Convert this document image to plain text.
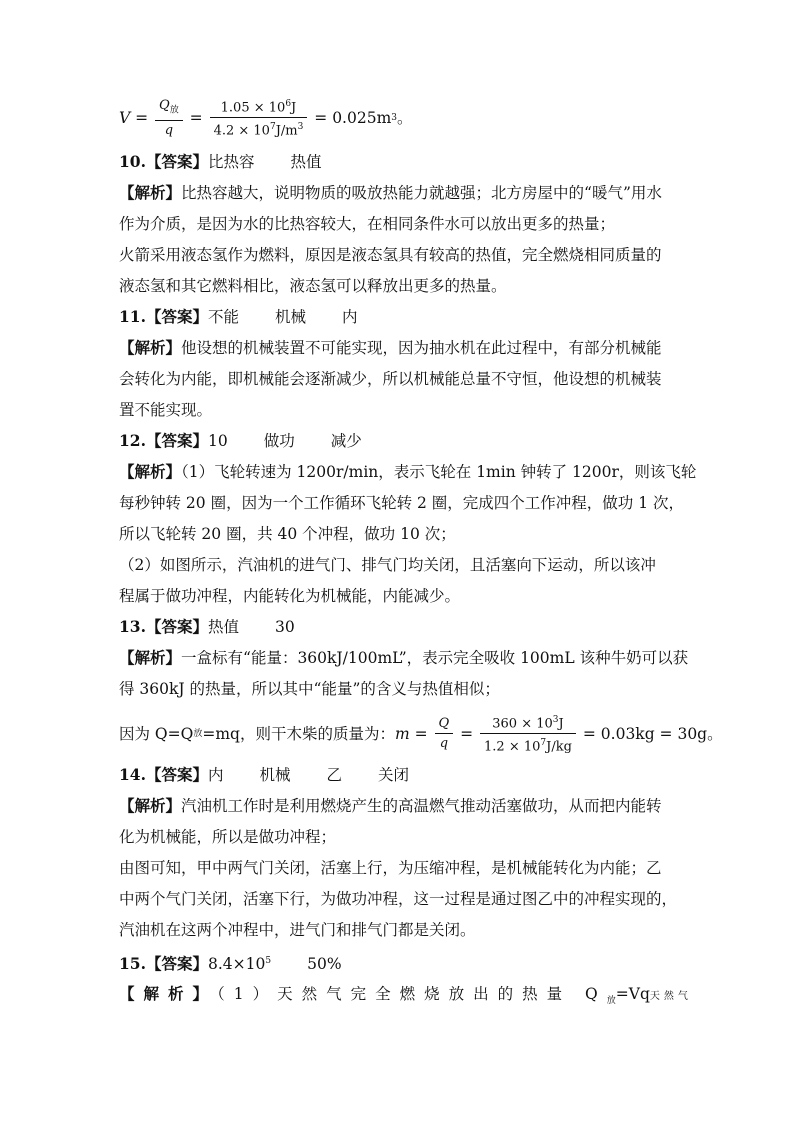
$V = \frac{Q_放}{q} = \frac{1.05 \times 10^6J}{4.2 \times 10^7J/m^3}$
= 0.025m 3 。
10.【答案】比热容 热值
【解析】比热容越大，说明物质的吸放热能力就越强；北方房屋中的“暖气”用水
作为介质，是因为水的比热容较大，在相同条件水可以放出更多的热量；
火箭采用液态氢作为燃料，原因是液态氢具有较高的热值，完全燃烧相同质量的
液态氢和其它燃料相比，液态氢可以释放出更多的热量。
11.【答案】不能 机械 内
【解析】他设想的机械装置不可能实现，因为抽水机在此过程中，有部分机械能
会转化为内能，即机械能会逐渐减少，所以机械能总量不守恒，他设想的机械装
置不能实现。
12.【答案】10 做功 减少
【解析】（1）飞轮转速为 1200r/min，表示飞轮在 1min 钟转了 1200r，则该飞轮
每秒钟转 20 圈，因为一个工作循环飞轮转 2 圈，完成四个工作冲程，做功 1 次，
所以飞轮转 20 圈，共 40 个冲程，做功 10 次；
（2）如图所示，汽油机的进气门、排气门均关闭，且活塞向下运动，所以该冲
程属于做功冲程，内能转化为机械能，内能减少。
13.【答案】热值 30
【解析】一盒标有“能量：360kJ/100mL”，表示完全吸收 100mL 该种牛奶可以获
得 360kJ 的热量，所以其中“能量”的含义与热值相似；
因为 Q=Q 放 =mq，则干木柴的质量为： $m = \frac{Q}{q} = \frac{360 \times 10^3J}{1.2 \times 10^7J/kg}$
= 0.03kg = 30g 。
14.【答案】内 机械 乙 关闭
【解析】汽油机工作时是利用燃烧产生的高温燃气推动活塞做功，从而把内能转
化为机械能，所以是做功冲程；
由图可知，甲中两气门关闭，活塞上行，为压缩冲程，是机械能转化为内能；乙
中两个气门关闭，活塞下行，为做功冲程，这一过程是通过图乙中的冲程实现的，
汽油机在这两个冲程中，进气门和排气门都是关闭。
15.【答案】$8.4\times 10^5$ 50%
【解析】（1）天然气完全燃烧放出的热量 $Q_放=Vq$天然气
